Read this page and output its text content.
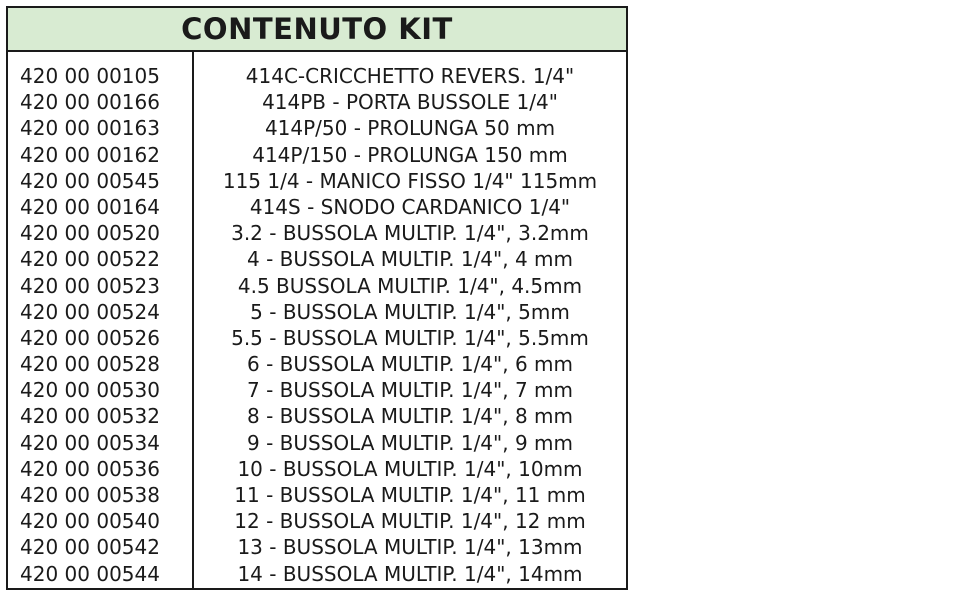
CONTENUTO KIT
420 00 00105
420 00 00166
420 00 00163
420 00 00162
420 00 00545
420 00 00164
420 00 00520
420 00 00522
420 00 00523
420 00 00524
420 00 00526
420 00 00528
420 00 00530
420 00 00532
420 00 00534
420 00 00536
420 00 00538
420 00 00540
420 00 00542
420 00 00544
414C-CRICCHETTO REVERS. 1/4"
414PB - PORTA BUSSOLE 1/4"
414P/50 - PROLUNGA 50 mm
414P/150 - PROLUNGA 150 mm
115 1/4 - MANICO FISSO 1/4" 115mm
414S - SNODO CARDANICO 1/4"
3.2 - BUSSOLA MULTIP. 1/4", 3.2mm
4 - BUSSOLA MULTIP. 1/4", 4 mm
4.5 BUSSOLA MULTIP. 1/4", 4.5mm
5 - BUSSOLA MULTIP. 1/4", 5mm
5.5 - BUSSOLA MULTIP. 1/4", 5.5mm
6 - BUSSOLA MULTIP. 1/4", 6 mm
7 - BUSSOLA MULTIP. 1/4", 7 mm
8 - BUSSOLA MULTIP. 1/4", 8 mm
9 - BUSSOLA MULTIP. 1/4", 9 mm
10 - BUSSOLA MULTIP. 1/4", 10mm
11 - BUSSOLA MULTIP. 1/4", 11 mm
12 - BUSSOLA MULTIP. 1/4", 12 mm
13 - BUSSOLA MULTIP. 1/4", 13mm
14 - BUSSOLA MULTIP. 1/4", 14mm
